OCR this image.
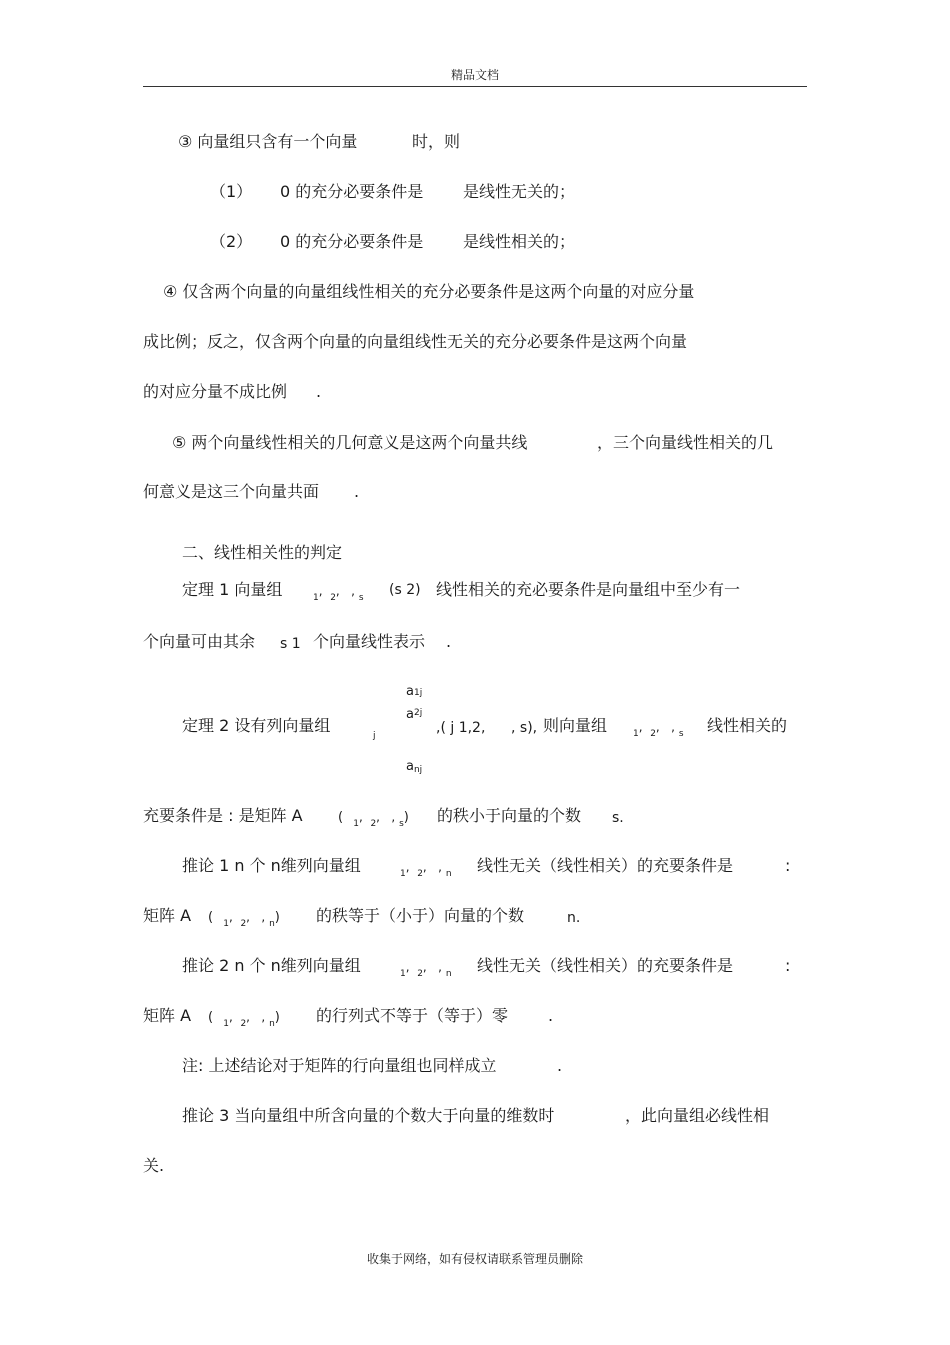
精品文档
③ 向量组只含有一个向量	时，则
（1） 0 的充分必要条件是 是线性无关的；
（2） 0 的充分必要条件是 是线性相关的；
④ 仅含两个向量的向量组线性相关的充分必要条件是这两个向量的对应分量
成比例；反之，仅含两个向量的向量组线性无关的充分必要条件是这两个向量
的对应分量不成比例 .
⑤ 两个向量线性相关的几何意义是这两个向量共线	，三个向量线性相关的几
何意义是这三个向量共面 .
二、线性相关性的判定
定理 1 向量组	$_1$,  $_2$,   , $_s$ (s 2) 线性相关的充必要条件是向量组中至少有一
个向量可由其余 s 1 个向量线性表示 .
a1j
$a^{2j}$
anj
定理 2 设有列向量组
j	,( j 1,2, , s), 则向量组	$_1$,  $_2$,   , $_s$ 线性相关的
充要条件是 : 是矩阵 A	( $_1$,  $_2$,   , $_s$) 的秩小于向量的个数 s.
推论 1 n 个 n维列向量组	$_1$,  $_2$,   , $_n$ 线性无关（线性相关）的充要条件是	:
矩阵 A ( $_1$,  $_2$,   , $_n$) 的秩等于（小于）向量的个数	n.
推论 2 n 个 n维列向量组	$_1$,  $_2$,   , $_n$ 线性无关（线性相关）的充要条件是	:
矩阵 A ( $_1$,  $_2$,   , $_n$) 的行列式不等于（等于）零 .
注: 上述结论对于矩阵的行向量组也同样成立	.
推论 3 当向量组中所含向量的个数大于向量的维数时	，此向量组必线性相
关.
收集于网络，如有侵权请联系管理员删除
